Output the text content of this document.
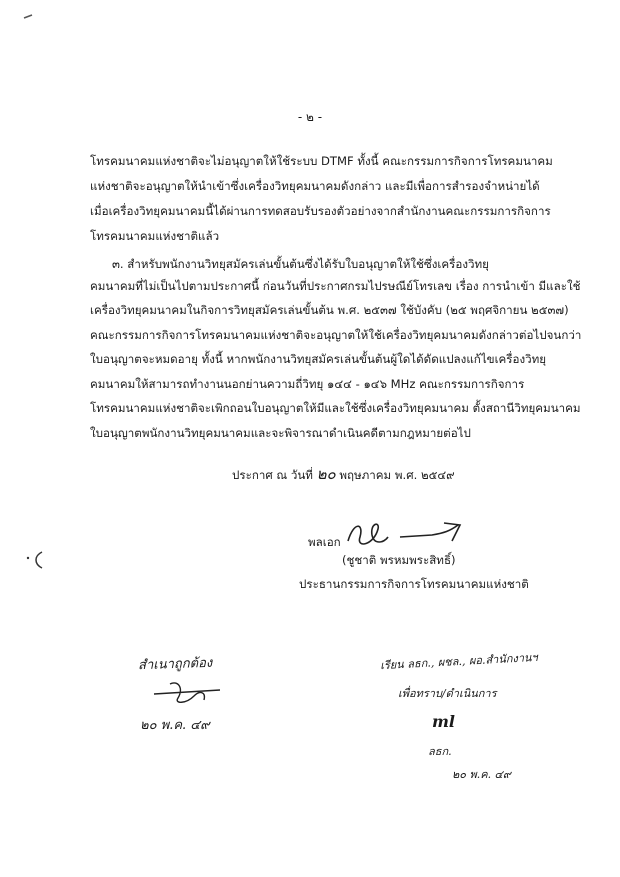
- ๒ -
โทรคมนาคมแห่งชาติจะไม่อนุญาตให้ใช้ระบบ DTMF ทั้งนี้ คณะกรรมการกิจการโทรคมนาคม
แห่งชาติจะอนุญาตให้นำเข้าซึ่งเครื่องวิทยุคมนาคมดังกล่าว และมีเพื่อการสำรองจำหน่ายได้
เมื่อเครื่องวิทยุคมนาคมนี้ได้ผ่านการทดสอบรับรองตัวอย่างจากสำนักงานคณะกรรมการกิจการ
โทรคมนาคมแห่งชาติแล้ว
๓. สำหรับพนักงานวิทยุสมัครเล่นขั้นต้นซึ่งได้รับใบอนุญาตให้ใช้ซึ่งเครื่องวิทยุ
คมนาคมที่ไม่เป็นไปตามประกาศนี้ ก่อนวันที่ประกาศกรมไปรษณีย์โทรเลข เรื่อง การนำเข้า มีและใช้
เครื่องวิทยุคมนาคมในกิจการวิทยุสมัครเล่นขั้นต้น พ.ศ. ๒๕๓๗ ใช้บังคับ (๒๕ พฤศจิกายน ๒๕๓๗)
คณะกรรมการกิจการโทรคมนาคมแห่งชาติจะอนุญาตให้ใช้เครื่องวิทยุคมนาคมดังกล่าวต่อไปจนกว่า
ใบอนุญาตจะหมดอายุ ทั้งนี้ หากพนักงานวิทยุสมัครเล่นขั้นต้นผู้ใดได้ดัดแปลงแก้ไขเครื่องวิทยุ
คมนาคมให้สามารถทำงานนอกย่านความถี่วิทยุ ๑๔๔ - ๑๔๖ MHz คณะกรรมการกิจการ
โทรคมนาคมแห่งชาติจะเพิกถอนใบอนุญาตให้มีและใช้ซึ่งเครื่องวิทยุคมนาคม ตั้งสถานีวิทยุคมนาคม
ใบอนุญาตพนักงานวิทยุคมนาคมและจะพิจารณาดำเนินคดีตามกฎหมายต่อไป
ประกาศ ณ วันที่ ๒๐ พฤษภาคม พ.ศ. ๒๕๔๙
พลเอก
(ชูชาติ พรหมพระสิทธิ์)
ประธานกรรมการกิจการโทรคมนาคมแห่งชาติ
สำเนาถูกต้อง
๒๐ พ.ค. ๔๙
เรียน ลธก., ผชล., ผอ.สำนักงานฯ
เพื่อทราบ/ดำเนินการ
ml
ลธก.
๒๐ พ.ค. ๔๙
